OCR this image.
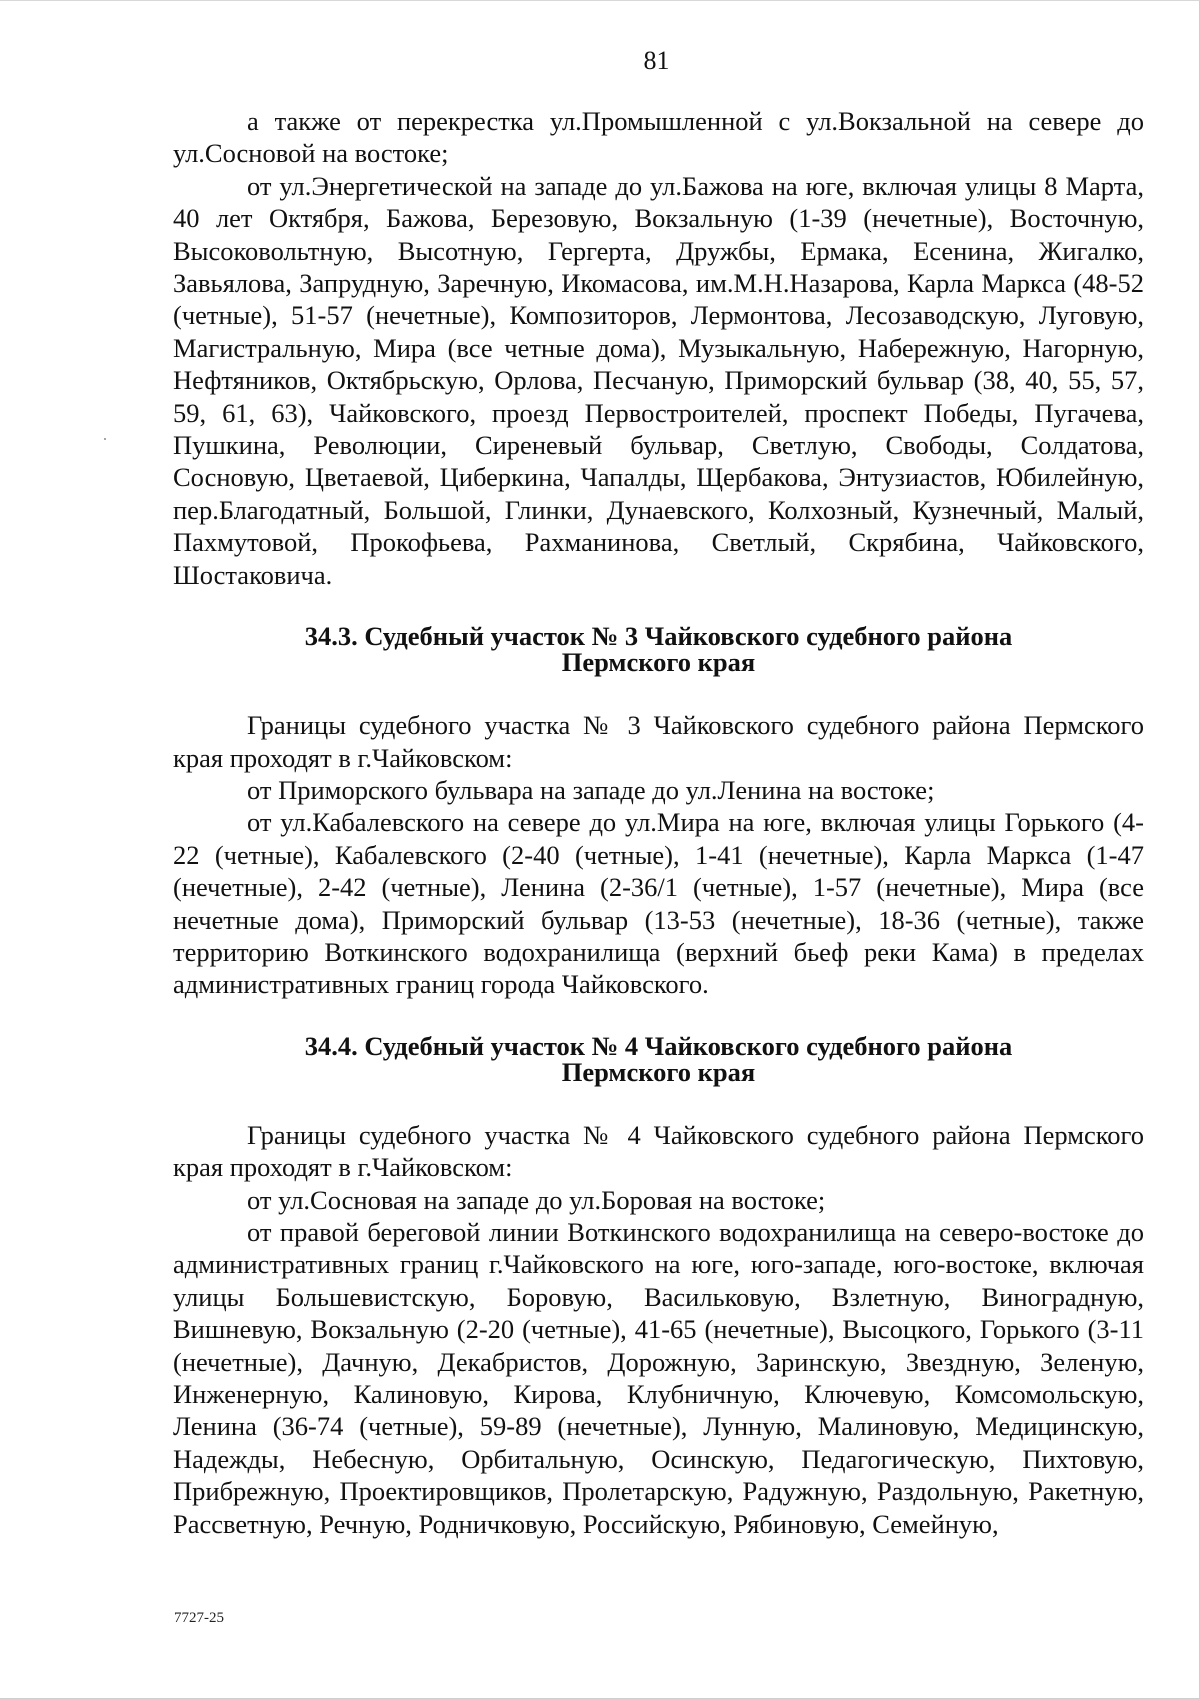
81

а также от перекрестка ул.Промышленной с ул.Вокзальной на севере до ул.Сосновой на востоке;

от ул.Энергетической на западе до ул.Бажова на юге, включая улицы 8 Марта, 40 лет Октября, Бажова, Березовую, Вокзальную (1-39 (нечетные), Восточную, Высоковольтную, Высотную, Гергерта, Дружбы, Ермака, Есенина, Жигалко, Завьялова, Запрудную, Заречную, Икомасова, им.М.Н.Назарова, Карла Маркса (48-52 (четные), 51-57 (нечетные), Композиторов, Лермонтова, Лесозаводскую, Луговую, Магистральную, Мира (все четные дома), Музыкальную, Набережную, Нагорную, Нефтяников, Октябрьскую, Орлова, Песчаную, Приморский бульвар (38, 40, 55, 57, 59, 61, 63), Чайковского, проезд Первостроителей, проспект Победы, Пугачева, Пушкина, Революции, Сиреневый бульвар, Светлую, Свободы, Солдатова, Сосновую, Цветаевой, Циберкина, Чапалды, Щербакова, Энтузиастов, Юбилейную, пер.Благодатный, Большой, Глинки, Дунаевского, Колхозный, Кузнечный, Малый, Пахмутовой, Прокофьева, Рахманинова, Светлый, Скрябина, Чайковского, Шостаковича.

34.3. Судебный участок № 3 Чайковского судебного района

Пермского края

Границы судебного участка № 3 Чайковского судебного района Пермского края проходят в г.Чайковском:

от Приморского бульвара на западе до ул.Ленина на востоке;

от ул.Кабалевского на севере до ул.Мира на юге, включая улицы Горького (4-22 (четные), Кабалевского (2-40 (четные), 1-41 (нечетные), Карла Маркса (1-47 (нечетные), 2-42 (четные), Ленина (2-36/1 (четные), 1-57 (нечетные), Мира (все нечетные дома), Приморский бульвар (13-53 (нечетные), 18-36 (четные), также территорию Воткинского водохранилища (верхний бьеф реки Кама) в пределах административных границ города Чайковского.

34.4. Судебный участок № 4 Чайковского судебного района

Пермского края

Границы судебного участка № 4 Чайковского судебного района Пермского края проходят в г.Чайковском:

от ул.Сосновая на западе до ул.Боровая на востоке;

от правой береговой линии Воткинского водохранилища на северо-востоке до административных границ г.Чайковского на юге, юго-западе, юго-востоке, включая улицы Большевистскую, Боровую, Васильковую, Взлетную, Виноградную, Вишневую, Вокзальную (2-20 (четные), 41-65 (нечетные), Высоцкого, Горького (3-11 (нечетные), Дачную, Декабристов, Дорожную, Заринскую, Звездную, Зеленую, Инженерную, Калиновую, Кирова, Клубничную, Ключевую, Комсомольскую, Ленина (36-74 (четные), 59-89 (нечетные), Лунную, Малиновую, Медицинскую, Надежды, Небесную, Орбитальную, Осинскую, Педагогическую, Пихтовую, Прибрежную, Проектировщиков, Пролетарскую, Радужную, Раздольную, Ракетную, Рассветную, Речную, Родничковую, Российскую, Рябиновую, Семейную,

7727-25
